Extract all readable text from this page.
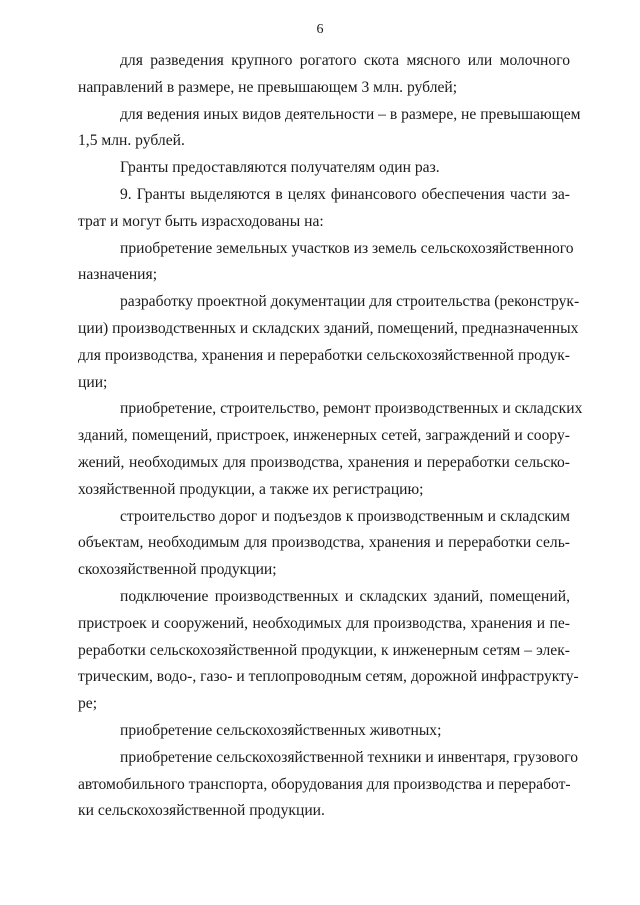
6
для разведения крупного рогатого скота мясного или молочного
направлений в размере, не превышающем 3 млн. рублей;
для ведения иных видов деятельности – в размере, не превышающем
1,5 млн. рублей.
Гранты предоставляются получателям один раз.
9. Гранты выделяются в целях финансового обеспечения части за-
трат и могут быть израсходованы на:
приобретение земельных участков из земель сельскохозяйственного
назначения;
разработку проектной документации для строительства (реконструк-
ции) производственных и складских зданий, помещений, предназначенных
для производства, хранения и переработки сельскохозяйственной продук-
ции;
приобретение, строительство, ремонт производственных и складских
зданий, помещений, пристроек, инженерных сетей, заграждений и соору-
жений, необходимых для производства, хранения и переработки сельско-
хозяйственной продукции, а также их регистрацию;
строительство дорог и подъездов к производственным и складским
объектам, необходимым для производства, хранения и переработки сель-
скохозяйственной продукции;
подключение производственных и складских зданий, помещений,
пристроек и сооружений, необходимых для производства, хранения и пе-
реработки сельскохозяйственной продукции, к инженерным сетям – элек-
трическим, водо-, газо- и теплопроводным сетям, дорожной инфраструкту-
ре;
приобретение сельскохозяйственных животных;
приобретение сельскохозяйственной техники и инвентаря, грузового
автомобильного транспорта, оборудования для производства и переработ-
ки сельскохозяйственной продукции.
